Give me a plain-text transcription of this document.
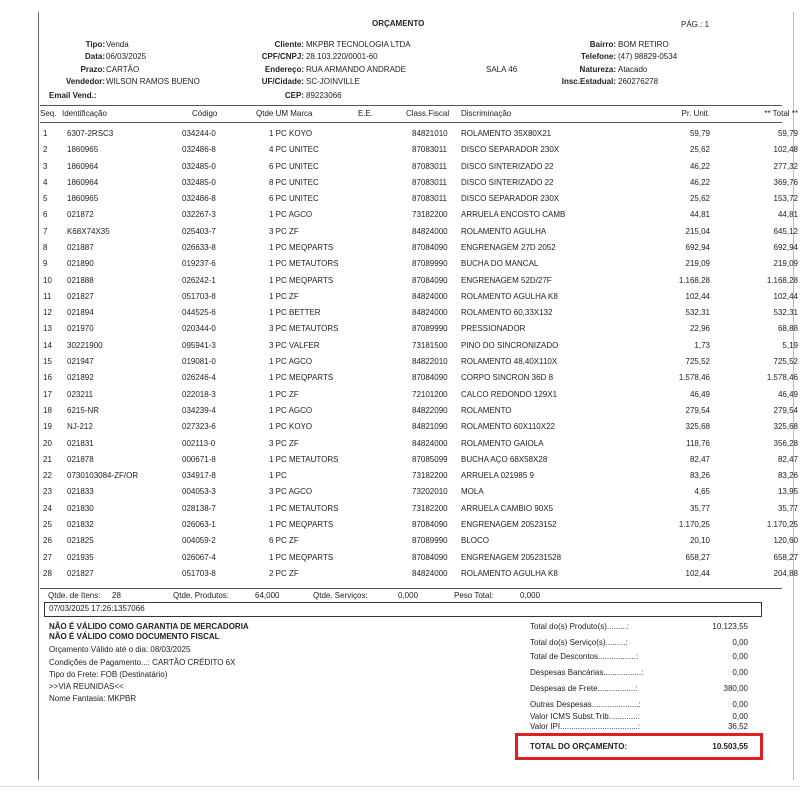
ORÇAMENTO	PÁG.: 1
Tipo: Venda
Data: 06/03/2025
Prazo: CARTÃO
Vendedor: WILSON RAMOS BUENO
Email Vend.:
Cliente: MKPBR TECNOLOGIA LTDA
CPF/CNPJ: 28.103.220/0001-60
Endereço: RUA ARMANDO ANDRADE	SALA 46
UF/Cidade: SC-JOINVILLE
CEP: 89223066
Bairro: BOM RETIRO
Telefone: (47) 98829-0534
Natureza: Atacado
Insc.Estadual: 260276278
Seq. Identificação	Código	Qtde UM Marca	E.E.	Class.Fiscal Discriminação	Pr. Unit.	** Total **
1 6307-2RSC3	034244-0	1 PC KOYO	84821010 ROLAMENTO 35X80X21	59,79	59,79
2 1860965	032486-8	4 PC UNITEC	87083011 DISCO SEPARADOR 230X	25,62	102,48
3 1860964	032485-0	6 PC UNITEC	87083011 DISCO SINTERIZADO 22	46,22	277,32
4 1860964	032485-0	8 PC UNITEC	87083011 DISCO SINTERIZADO 22	46,22	369,76
5 1860965	032486-8	6 PC UNITEC	87083011 DISCO SEPARADOR 230X	25,62	153,72
6 021872	032267-3	1 PC AGCO	73182200 ARRUELA ENCOSTO CAMB	44,81	44,81
7 K68X74X35	025403-7	3 PC ZF	84824000 ROLAMENTO AGULHA	215,04	645,12
8 021887	026633-8	1 PC MEQPARTS	87084090 ENGRENAGEM 27D 2052	692,94	692,94
9 021890	019237-6	1 PC METAUTORS	87089990 BUCHA DO MANCAL	219,09	219,09
10 021888	026242-1	1 PC MEQPARTS	87084090 ENGRENAGEM 52D/27F	1.168,28	1.168,28
11 021827	051703-8	1 PC ZF	84824000 ROLAMENTO AGULHA K8	102,44	102,44
12 021894	044525-6	1 PC BETTER	84824000 ROLAMENTO 60,33X132	532,31	532,31
13 021970	020344-0	3 PC METAUTORS	87089990 PRESSIONADOR	22,96	68,88
14 30221900	095941-3	3 PC VALFER	73181500 PINO DO SINCRONIZADO	1,73	5,19
15 021947	019081-0	1 PC AGCO	84822010 ROLAMENTO 48,40X110X	725,52	725,52
16 021892	026246-4	1 PC MEQPARTS	87084090 CORPO SINCRON 36D 8	1.578,46	1.578,46
17 023211	022018-3	1 PC ZF	72101200 CALCO REDONDO 129X1	46,49	46,49
18 6215-NR	034239-4	1 PC AGCO	84822090 ROLAMENTO	279,54	279,54
19 NJ-212	027323-6	1 PC KOYO	84821090 ROLAMENTO 60X110X22	325,68	325,68
20 021831	002113-0	3 PC ZF	84824000 ROLAMENTO GAIOLA	118,76	356,28
21 021878	000671-8	1 PC METAUTORS	87085099 BUCHA AÇO 68X58X28	82,47	82,47
22 0730103084-ZF/OR	034917-8	1 PC	73182200 ARRUELA 021985 9	83,26	83,26
23 021833	004053-3	3 PC AGCO	73202010 MOLA	4,65	13,95
24 021830	028138-7	1 PC METAUTORS	73182200 ARRUELA CAMBIO 90X5	35,77	35,77
25 021832	026063-1	1 PC MEQPARTS	87084090 ENGRENAGEM 20523152	1.170,25	1.170,25
26 021825	004059-2	6 PC ZF	87089990 BLOCO	20,10	120,60
27 021935	026067-4	1 PC MEQPARTS	87084090 ENGRENAGEM 205231528	658,27	658,27
28 021827	051703-8	2 PC ZF	84824000 ROLAMENTO AGULHA K8	102,44	204,88
Qtde. de Itens: 28	Qtde. Produtos:	64,000	Qtde. Serviços:	0,000	Peso Total:	0,000
07/03/2025 17:26:1357066
NÃO É VÁLIDO COMO GARANTIA DE MERCADORIA
NÃO É VÁLIDO COMO DOCUMENTO FISCAL
Orçamento Válido até o dia: 08/03/2025
Condições de Pagamento...: CARTÃO CRÉDITO 6X
Tipo do Frete: FOB (Destinatário)
>>VIA REUNIDAS<<
Nome Fantasia: MKPBR
Total do(s) Produto(s).........:	10.123,55
Total do(s) Serviço(s).........:	0,00
Total de Descontos.................:	0,00
Despesas Bancárias.................:	0,00
Despesas de Frete.................:	380,00
Outras Despesas.....................:	0,00
Valor ICMS Subst.Trib.............:	0,00
Valor IPI...................................:	36,52
TOTAL DO ORÇAMENTO:	10.503,55
